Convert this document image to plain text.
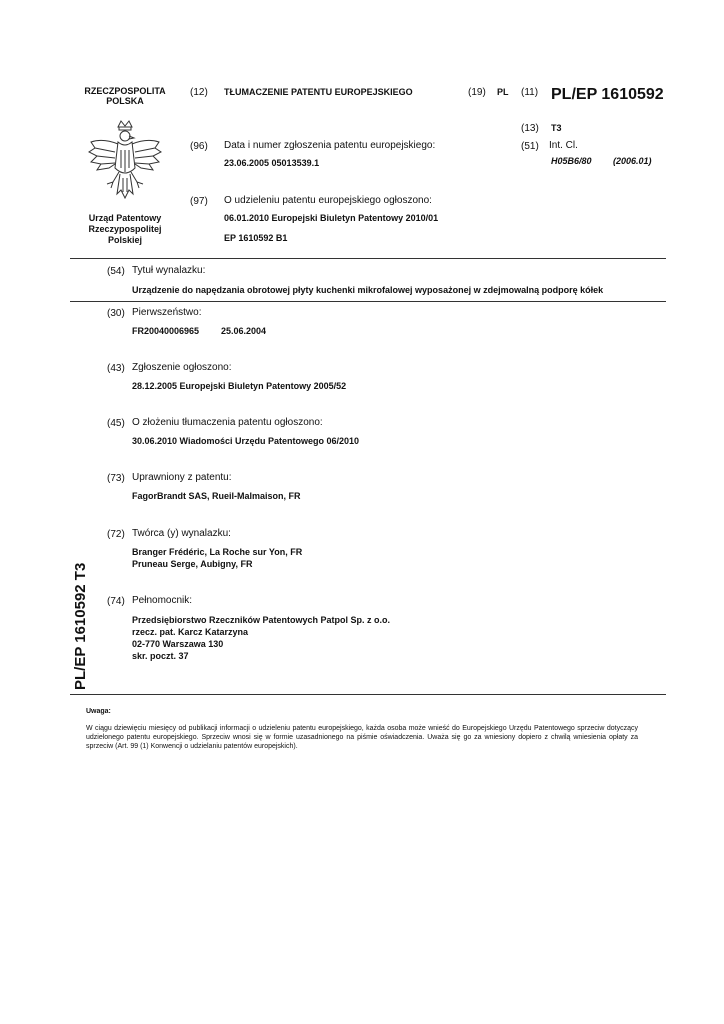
RZECZPOSPOLITA
POLSKA
Urząd Patentowy
Rzeczypospolitej
Polskiej
(12) TŁUMACZENIE PATENTU EUROPEJSKIEGO	(19) PL (11) PL/EP 1610592
(13) T3
(51) Int. Cl.
H05B6/80 (2006.01)
(96) Data i numer zgłoszenia patentu europejskiego:
23.06.2005 05013539.1
(97) O udzieleniu patentu europejskiego ogłoszono:
06.01.2010 Europejski Biuletyn Patentowy 2010/01
EP 1610592 B1
(54) Tytuł wynalazku:
Urządzenie do napędzania obrotowej płyty kuchenki mikrofalowej wyposażonej w zdejmowalną podporę kółek
(30) Pierwszeństwo:
FR20040006965 25.06.2004
(43) Zgłoszenie ogłoszono:
28.12.2005 Europejski Biuletyn Patentowy 2005/52
(45) O złożeniu tłumaczenia patentu ogłoszono:
30.06.2010 Wiadomości Urzędu Patentowego 06/2010
(73) Uprawniony z patentu:
FagorBrandt SAS, Rueil-Malmaison, FR
(72) Twórca (y) wynalazku:
Branger Frédéric, La Roche sur Yon, FR
Pruneau Serge, Aubigny, FR
(74) Pełnomocnik:
Przedsiębiorstwo Rzeczników Patentowych Patpol Sp. z o.o.
rzecz. pat. Karcz Katarzyna
02-770 Warszawa 130
skr. poczt. 37
PL/EP 1610592 T3
Uwaga:
W ciągu dziewięciu miesięcy od publikacji informacji o udzieleniu patentu europejskiego, każda osoba może wnieść do Europejskiego Urzędu Patentowego sprzeciw dotyczący udzielonego patentu europejskiego. Sprzeciw wnosi się w formie uzasadnionego na piśmie oświadczenia. Uważa się go za wniesiony dopiero z chwilą wniesienia opłaty za sprzeciw (Art. 99 (1) Konwencji o udzielaniu patentów europejskich).
